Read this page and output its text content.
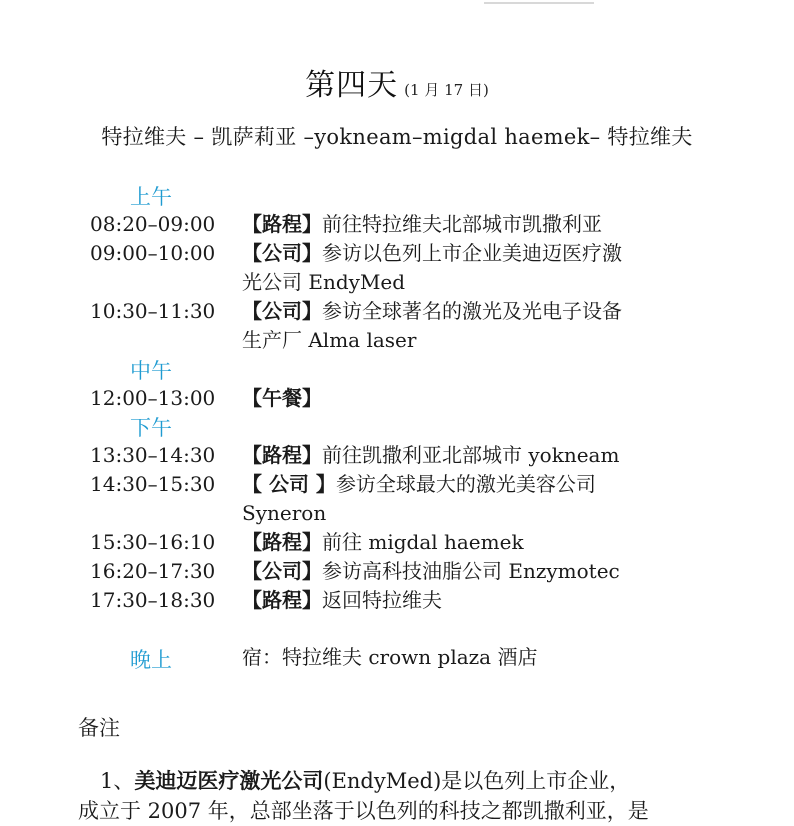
第四天 (1 月 17 日)
特拉维夫 – 凯萨莉亚 –yokneam–migdal haemek– 特拉维夫
上午
08:20–09:00	【路程】前往特拉维夫北部城市凯撒利亚
09:00–10:00	【公司】参访以色列上市企业美迪迈医疗激
光公司 EndyMed
10:30–11:30	【公司】参访全球著名的激光及光电子设备
生产厂 Alma laser
中午
12:00–13:00	【午餐】
下午
13:30–14:30	【路程】前往凯撒利亚北部城市 yokneam
14:30–15:30	【 公司 】参访全球最大的激光美容公司
Syneron
15:30–16:10	【路程】前往 migdal haemek
16:20–17:30	【公司】参访高科技油脂公司 Enzymotec
17:30–18:30	【路程】返回特拉维夫
晚上	宿：特拉维夫 crown plaza 酒店
备注
1、美迪迈医疗激光公司(EndyMed)是以色列上市企业，
成立于 2007 年，总部坐落于以色列的科技之都凯撒利亚，是
